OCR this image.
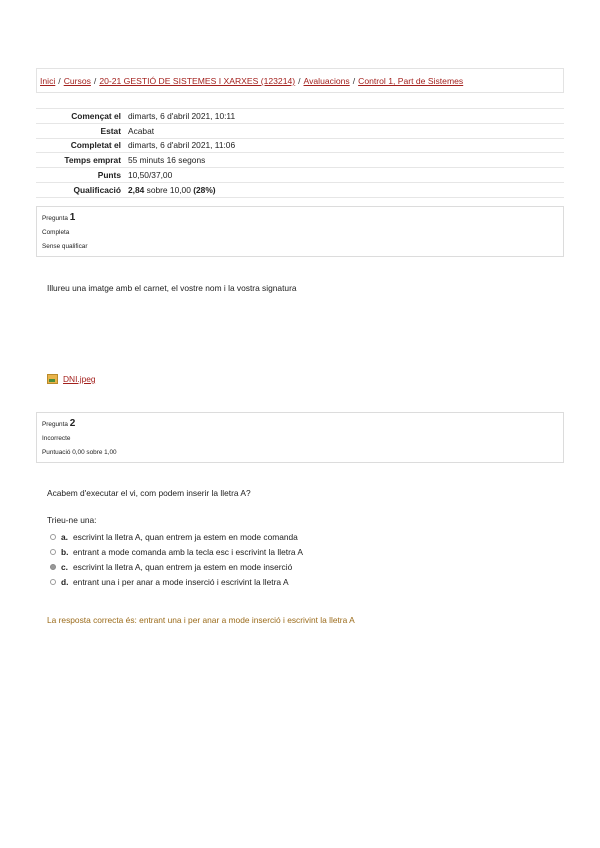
Inici / Cursos / 20-21 GESTIÓ DE SISTEMES I XARXES (123214) / Avaluacions / Control 1, Part de Sistemes
Començat el	dimarts, 6 d'abril 2021, 10:11
Estat	Acabat
Completat el	dimarts, 6 d'abril 2021, 11:06
Temps emprat	55 minuts 16 segons
Punts	10,50/37,00
Qualificació	2,84 sobre 10,00 (28%)
Pregunta 1
Completa
Sense qualificar
Illureu una imatge amb el carnet, el vostre nom i la vostra signatura
DNI.jpeg
Pregunta 2
Incorrecte
Puntuació 0,00 sobre 1,00
Acabem d'executar el vi, com podem inserir la lletra A?
Trieu-ne una:
a. escrivint la lletra A, quan entrem ja estem en mode comanda
b. entrant a mode comanda amb la tecla esc i escrivint la lletra A
c. escrivint la lletra A, quan entrem ja estem en mode inserció
d. entrant una i per anar a mode inserció i escrivint la lletra A
La resposta correcta és: entrant una i per anar a mode inserció i escrivint la lletra A
